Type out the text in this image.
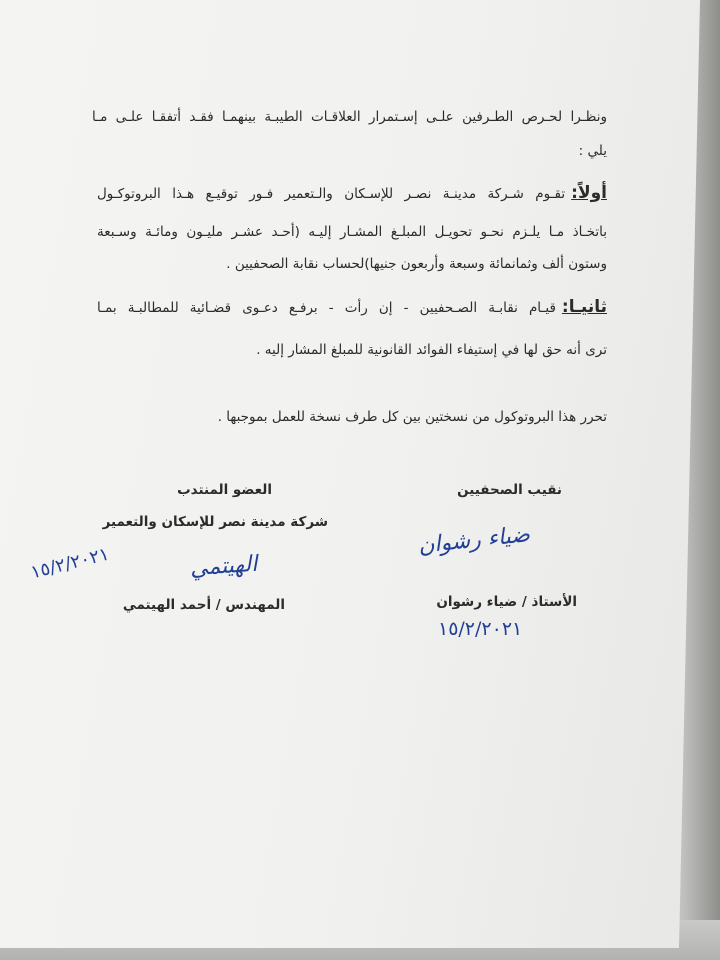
ونظـرا لحـرص الطـرفين علـى إسـتمرار العلاقـات الطيبـة بينهمـا فقـد أتفقـا علـى مـا
يلي :
أولاً:
تقـوم شـركة مدينـة نصـر للإسـكان والـتعمير فـور توقيـع هـذا البروتوكـول
باتخـاذ مـا يلـزم نحـو تحويـل المبلـغ المشـار إليـه (أحـد عشـر مليـون ومائـة وسـبعة
وستون ألف وثمانمائة وسبعة وأربعون جنيها)لحساب نقابة الصحفيين .
ثانيـا:
قيـام نقابـة الصـحفيين - إن رأت - برفـع دعـوى قضـائية للمطالبـة بمـا
ترى أنه حق لها في إستيفاء الفوائد القانونية للمبلغ المشار إليه .
تحرر هذا البروتوكول من نسختين بين كل طرف نسخة للعمل بموجبها .
نقيب الصحفيين
ضياء رشوان
الأستاذ / ضياء رشوان
١٥/٢/٢٠٢١
العضو المنتدب
شركة مدينة نصر للإسكان والتعمير
الهيتمي
١٥/٢/٢٠٢١
المهندس / أحمد الهيتمي
